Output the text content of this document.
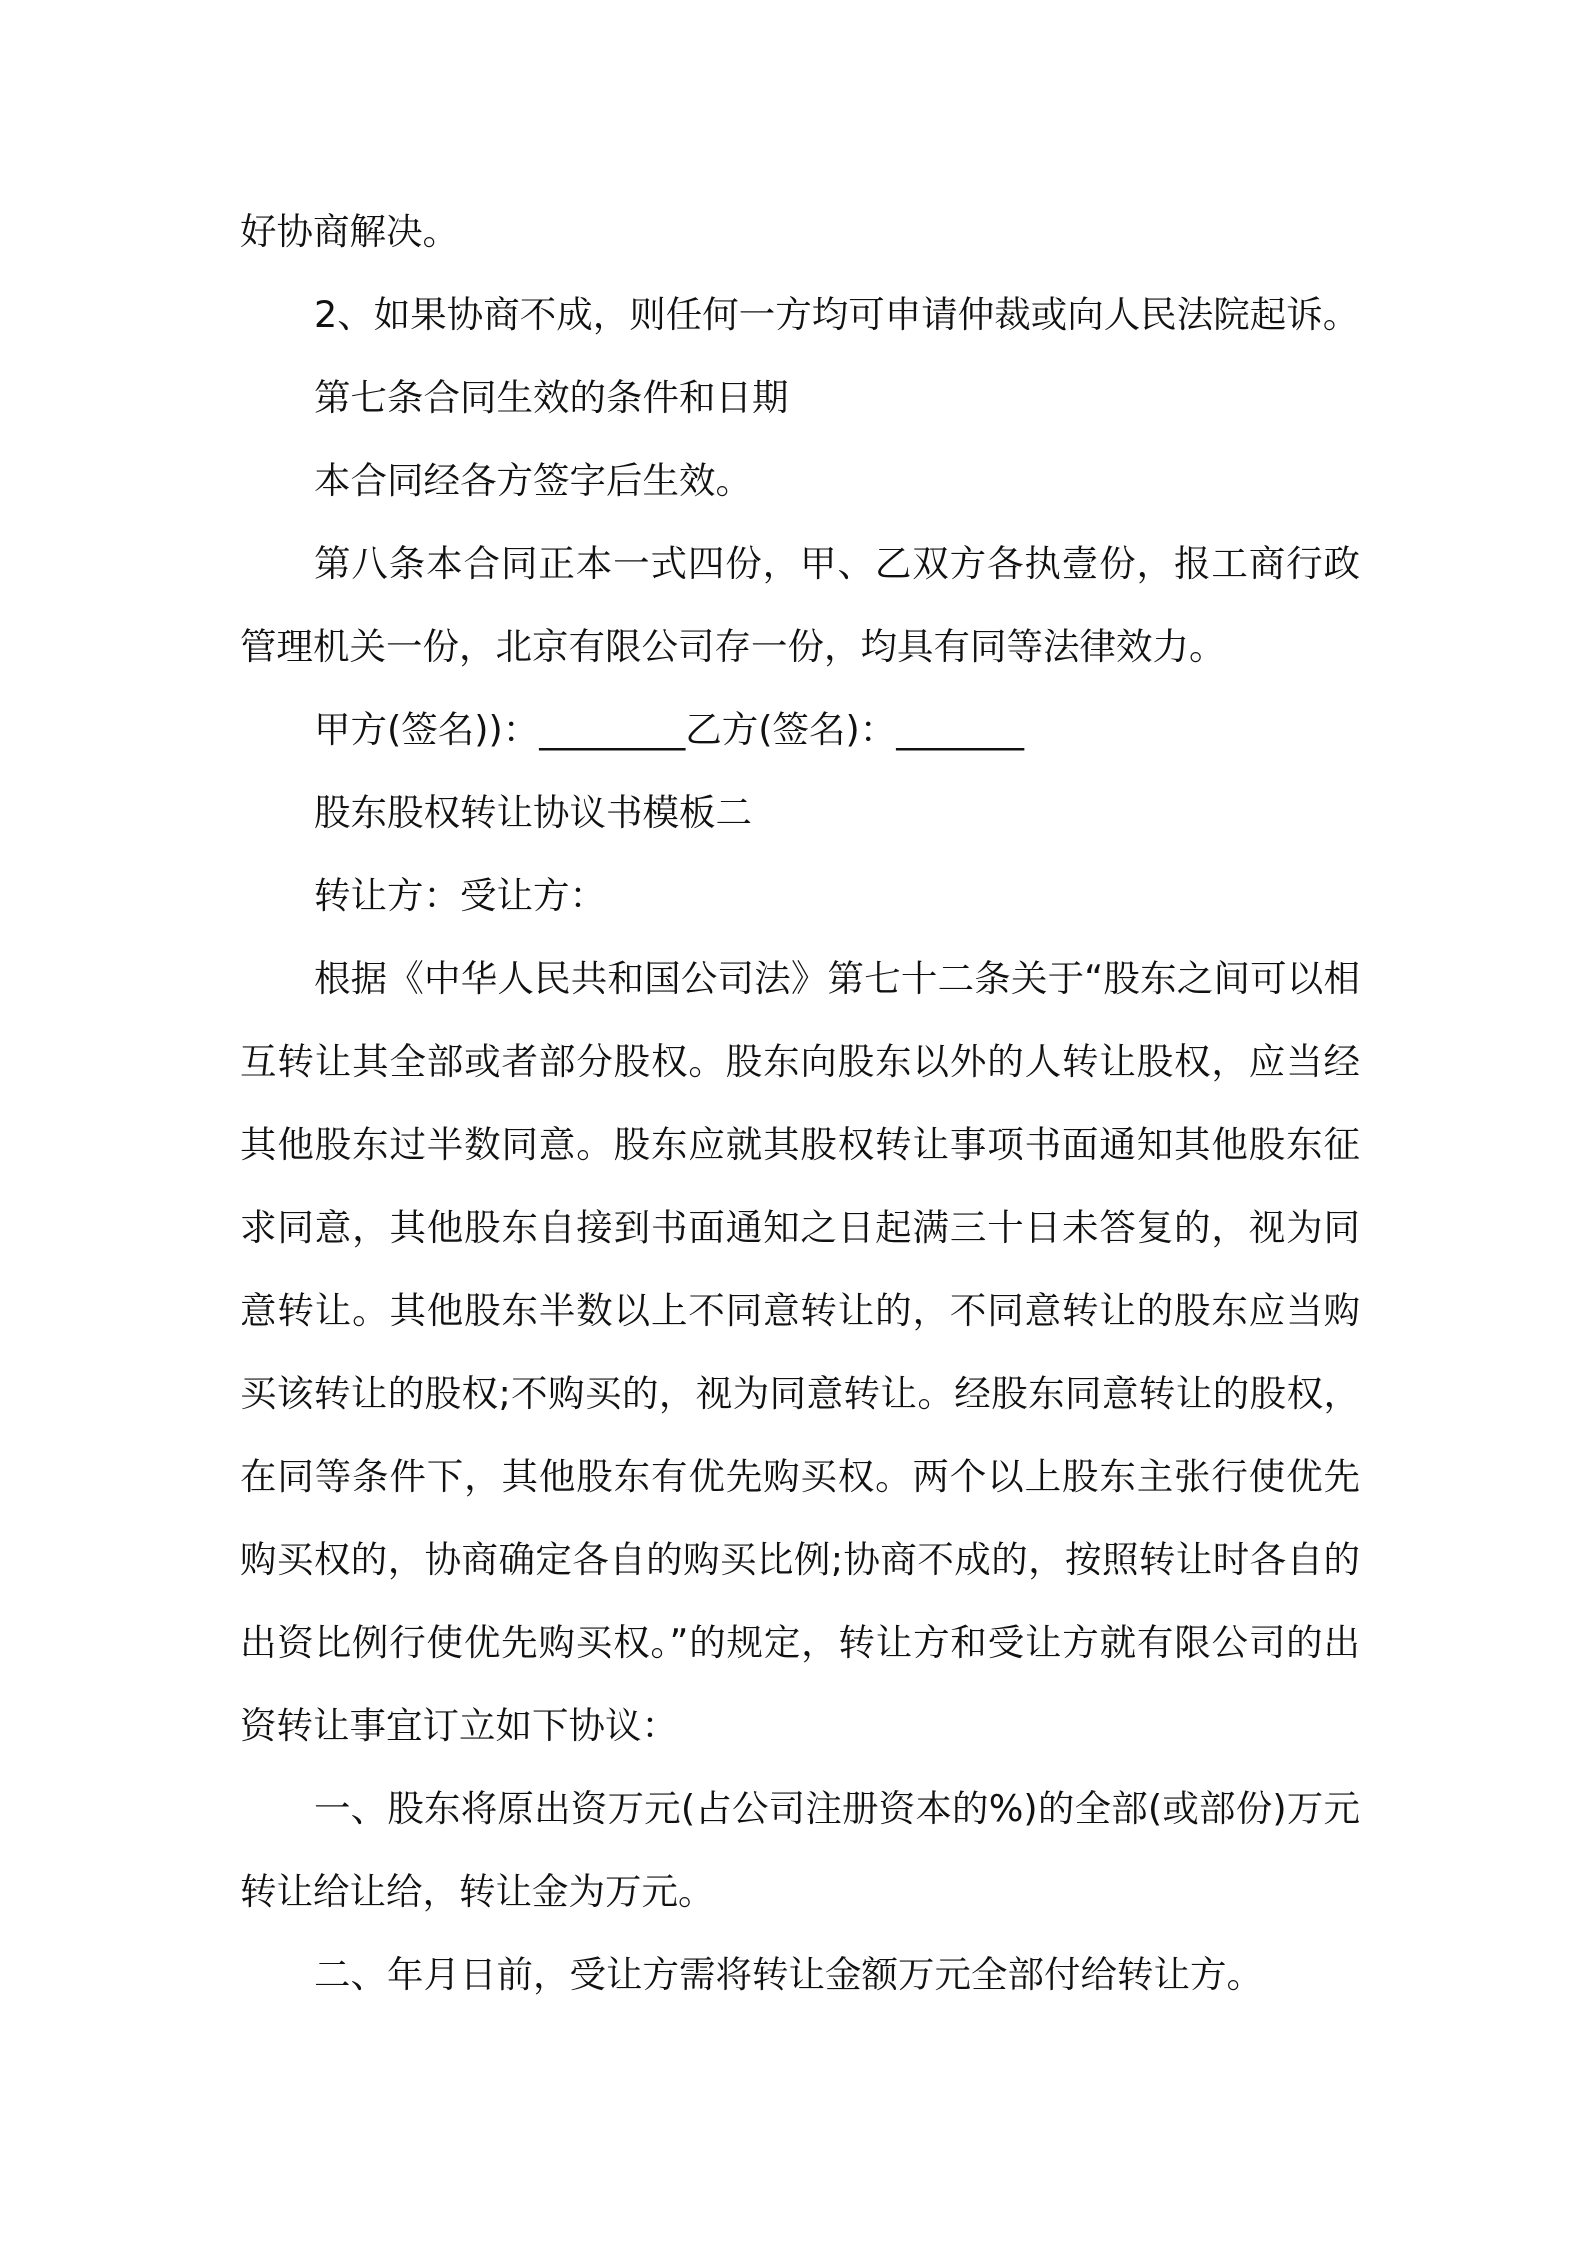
好协商解决。

2、如果协商不成，则任何一方均可申请仲裁或向人民法院起诉。

第七条合同生效的条件和日期

本合同经各方签字后生效。

第八条本合同正本一式四份，甲、乙双方各执壹份，报工商行政管理机关一份，北京有限公司存一份，均具有同等法律效力。

甲方(签名))：________乙方(签名)：_______

股东股权转让协议书模板二

转让方：受让方：

根据《中华人民共和国公司法》第七十二条关于“股东之间可以相互转让其全部或者部分股权。股东向股东以外的人转让股权，应当经其他股东过半数同意。股东应就其股权转让事项书面通知其他股东征求同意，其他股东自接到书面通知之日起满三十日未答复的，视为同意转让。其他股东半数以上不同意转让的，不同意转让的股东应当购买该转让的股权;不购买的，视为同意转让。经股东同意转让的股权，在同等条件下，其他股东有优先购买权。两个以上股东主张行使优先购买权的，协商确定各自的购买比例;协商不成的，按照转让时各自的出资比例行使优先购买权。”的规定，转让方和受让方就有限公司的出资转让事宜订立如下协议：

一、股东将原出资万元(占公司注册资本的%)的全部(或部份)万元转让给让给，转让金为万元。

二、年月日前，受让方需将转让金额万元全部付给转让方。
